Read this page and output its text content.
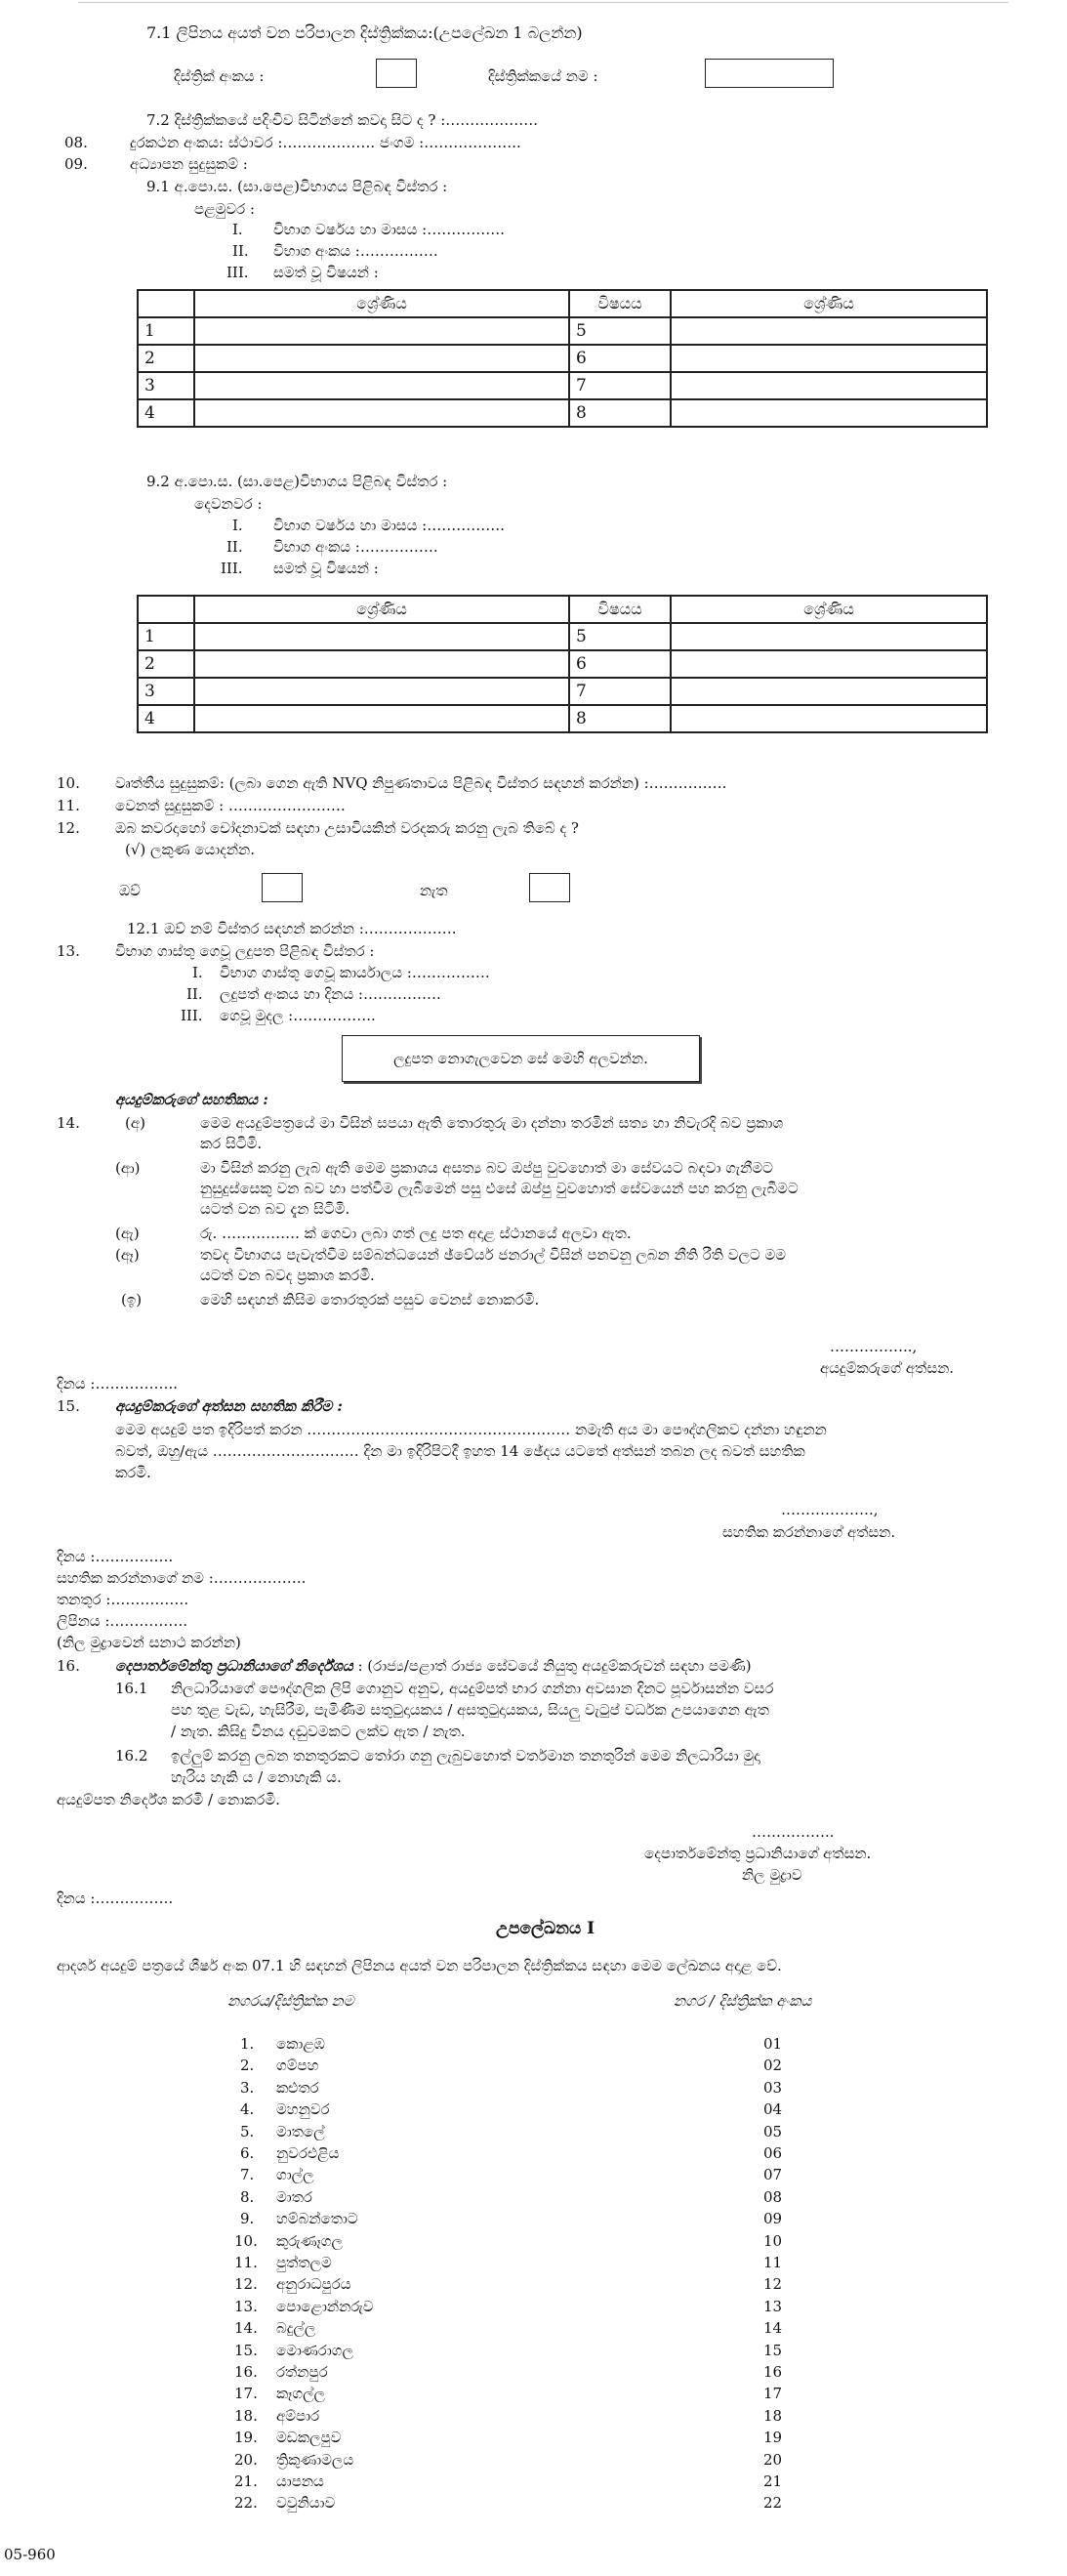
7.1 ලිපිනය අයත් වන පරිපාලන දිස්ත්‍රික්කය:(උපලේඛන 1 බලන්න)
දිස්ත්‍රික් අංකය :	දිස්ත්‍රික්කයේ නම :
7.2 දිස්ත්‍රික්කයේ පදිංචිව සිටින්නේ කවදා සිට ද ? :……………….
08.	දුරකථන අංකය: ස්ථාවර :………………. ජංගම :………………..
09.	අධ්‍යාපන සුදුසුකම් :
9.1 අ.පො.ස. (සා.පෙළ)විභාගය පිළිබඳ විස්තර :
පළමුවර :
I. විභාග වර්ෂය හා මාසය :…………….
II. විභාග අංකය :…………….
III. සමත් වූ විෂයන් :
	ශ්‍රේණිය	විෂයය	ශ්‍රේණිය
1		5	
2		6	
3		7	
4		8	
9.2 අ.පො.ස. (සා.පෙළ)විභාගය පිළිබඳ විස්තර :
දෙවනවර :
I. විභාග වර්ෂය හා මාසය :…………….
II. විභාග අංකය :…………….
III. සමත් වූ විෂයන් :
	ශ්‍රේණිය	විෂයය	ශ්‍රේණිය
1		5	
2		6	
3		7	
4		8	
10. වෘත්තීය සුදුසුකම්: (ලබා ගෙන ඇති NVQ නිපුණතාවය පිළිබඳ විස්තර සඳහන් කරන්න) :…………….
11. වෙනත් සුදුසුකම් : ……………………
12. ඔබ කවරදාහෝ චෝදනාවක් සඳහා උසාවියකින් වරදකරු කරනු ලැබ තිබේ ද ?
(√) ලකුණ යොදන්න.
ඔව්	නැත
12.1 ඔව් නම් විස්තර සඳහන් කරන්න :……………….
13. විභාග ගාස්තු ගෙවූ ලදුපත පිළිබඳ විස්තර :
I. විභාග ගාස්තු ගෙවූ කාර්යාලය :…………….
II. ලදුපත් අංකය හා දිනය :…………….
III. ගෙවූ මුදල :……………..
ලදුපත නොගැලවෙන සේ මෙහි අලවන්න.
අයදුම්කරුගේ සහතිකය :
14.	(අ)	මෙම අයදුම්පත්‍රයේ මා විසින් සපයා ඇති තොරතුරු මා දන්නා තරමින් සත්‍ය හා නිවැරදි බව ප්‍රකාශ
කර සිටිමි.
(ආ)	මා විසින් කරනු ලැබ ඇති මෙම ප්‍රකාශය අසත්‍ය බව ඔප්පු වුවහොත් මා සේවයට බඳවා ගැනීමට
නුසුදුස්සෙකු වන බව හා පත්වීම ලැබීමෙන් පසු එසේ ඔප්පු වුවහොත් සේවයෙන් පහ කරනු ලැබීමට
යටත් වන බව දැන සිටිමි.
(ඇ)	රු. ……………. ක් ගෙවා ලබා ගත් ලදු පත අදාළ ස්ථානයේ අලවා ඇත.
(ඈ)	තවද විභාගය පැවැත්වීම සම්බන්ධයෙන් ඡ්වේයර් ජනරාල් විසින් පනවනු ලබන නීති රීති වලට මම
යටත් වන බවද ප්‍රකාශ කරමි.
(ඉ)	මෙහි සඳහන් කිසිම තොරතුරක් පසුව වෙනස් නොකරමි.
……………..,
අයදුම්කරුගේ අත්සන.
දිනය :……………..
15. අයදුම්කරුගේ අත්සන සහතික කිරීම :
මෙම අයදුම් පත ඉදිරිපත් කරන ……………………………………………… නමැති අය මා පෞද්ගලිකව දන්නා හඳුනන
බවත්, ඔහු/ඇය ………………………… දින මා ඉදිරිපිටදී ඉහත 14 ඡේදය යටතේ අත්සන් තබන ලද බවත් සහතික
කරමි.
……………….,
සහතික කරන්නාගේ අත්සන.
දිනය :…………….
සහතික කරන්නාගේ නම :……………….
තනතුර :…………….
ලිපිනය :…………….
(නිල මුද්‍රාවෙන් සනාථ කරන්න)
16. දෙපාර්තමේන්තු ප්‍රධානියාගේ නිර්දේශය : (රාජ්‍ය/පළාත් රාජ්‍ය සේවයේ නියුතු අයදුම්කරුවන් සඳහා පමණි)
16.1 නිලධාරියාගේ පෞද්ගලික ලිපි ගොනුව අනුව, අයදුම්පත් භාර ගන්නා අවසාන දිනට පූර්වාසන්න වසර
පහ තුළ වැඩ, හැසිරීම, පැමිණීම සතුටුදායකය / අසතුටුදායකය, සියලු වැටුප් වර්ධක උපයාගෙන ඇත
/ නැත. කිසිදු විනය දඬුවමකට ලක්ව ඇත / නැත.
16.2 ඉල්ලුම් කරනු ලබන තනතුරකට තෝරා ගනු ලැබුවහොත් වර්තමාන තනතුරින් මෙම නිලධාරියා මුදා
හැරිය හැකි ය / නොහැකි ය.
අයදුම්පත නිර්දේශ කරමි / නොකරමි.
……………..
දෙපාර්තමේන්තු ප්‍රධානියාගේ අත්සන.
නිල මුද්‍රාව
දිනය :…………….
උපලේඛනය I
ආදර්ශ අයදුම් පත්‍රයේ ශීර්ෂ අංක 07.1 හි සඳහන් ලිපිනය අයත් වන පරිපාලන දිස්ත්‍රික්කය සඳහා මෙම ලේඛනය අදාළ වේ.
නගරය/දිස්ත්‍රික්ක නම	නගර / දිස්ත්‍රික්ක අංකය
1. කොළඹ	01
2. ගම්පහ	02
3. කළුතර	03
4. මහනුවර	04
5. මාතලේ	05
6. නුවරඑළිය	06
7. ගාල්ල	07
8. මාතර	08
9. හම්බන්තොට	09
10. කුරුණෑගල	10
11. පුත්තලම	11
12. අනුරාධපුරය	12
13. පොළොන්නරුව	13
14. බදුල්ල	14
15. මොණරාගල	15
16. රත්නපුර	16
17. කෑගල්ල	17
18. අම්පාර	18
19. මඩකලපුව	19
20. ත්‍රිකුණාමලය	20
21. යාපනය	21
22. වවුනියාව	22
05-960
